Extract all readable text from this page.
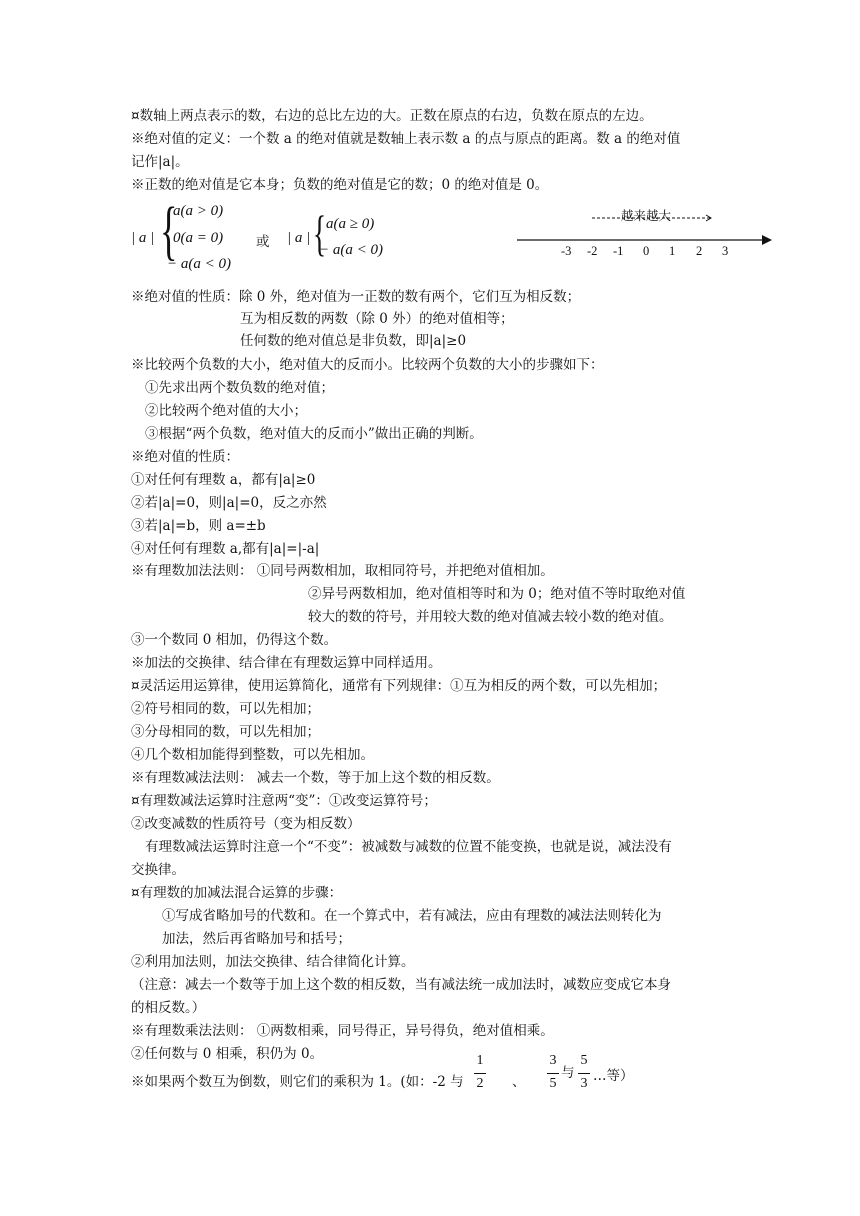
¤数轴上两点表示的数，右边的总比左边的大。正数在原点的右边，负数在原点的左边。
※绝对值的定义：一个数 a 的绝对值就是数轴上表示数 a 的点与原点的距离。数 a 的绝对值
记作|a|。
※正数的绝对值是它本身；负数的绝对值是它的数；0 的绝对值是 0。
| a | {
a(a > 0)
0(a = 0)
− a(a < 0)
或 | a | { a(a ≥ 0)
− a(a < 0)
越来越大
-3 -2 -1 0 1 2 3
※绝对值的性质：除 0 外，绝对值为一正数的数有两个，它们互为相反数；
互为相反数的两数（除 0 外）的绝对值相等；
任何数的绝对值总是非负数，即|a|≥0
※比较两个负数的大小，绝对值大的反而小。比较两个负数的大小的步骤如下：
①先求出两个数负数的绝对值；
②比较两个绝对值的大小；
③根据“两个负数，绝对值大的反而小”做出正确的判断。
※绝对值的性质：
①对任何有理数 a，都有|a|≥0
②若|a|=0，则|a|=0，反之亦然
③若|a|=b，则 a=±b
④对任何有理数 a,都有|a|=|-a|
※有理数加法法则： ①同号两数相加，取相同符号，并把绝对值相加。
②异号两数相加，绝对值相等时和为 0；绝对值不等时取绝对值
较大的数的符号，并用较大数的绝对值减去较小数的绝对值。
③一个数同 0 相加，仍得这个数。
※加法的交换律、结合律在有理数运算中同样适用。
¤灵活运用运算律，使用运算简化，通常有下列规律：①互为相反的两个数，可以先相加；
②符号相同的数，可以先相加；
③分母相同的数，可以先相加；
④几个数相加能得到整数，可以先相加。
※有理数减法法则： 减去一个数，等于加上这个数的相反数。
¤有理数减法运算时注意两“变”：①改变运算符号；
②改变减数的性质符号（变为相反数）
有理数减法运算时注意一个“不变”：被减数与减数的位置不能变换，也就是说，减法没有
交换律。
¤有理数的加减法混合运算的步骤：
①写成省略加号的代数和。在一个算式中，若有减法，应由有理数的减法法则转化为
加法，然后再省略加号和括号；
②利用加法则，加法交换律、结合律简化计算。
（注意：减去一个数等于加上这个数的相反数，当有减法统一成加法时，减数应变成它本身
的相反数。）
※有理数乘法法则： ①两数相乘，同号得正，异号得负，绝对值相乘。
②任何数与 0 相乘，积仍为 0。
※如果两个数互为倒数，则它们的乘积为 1。(如：-2 与
1
2 、
3
5
与
5
3 …等）
